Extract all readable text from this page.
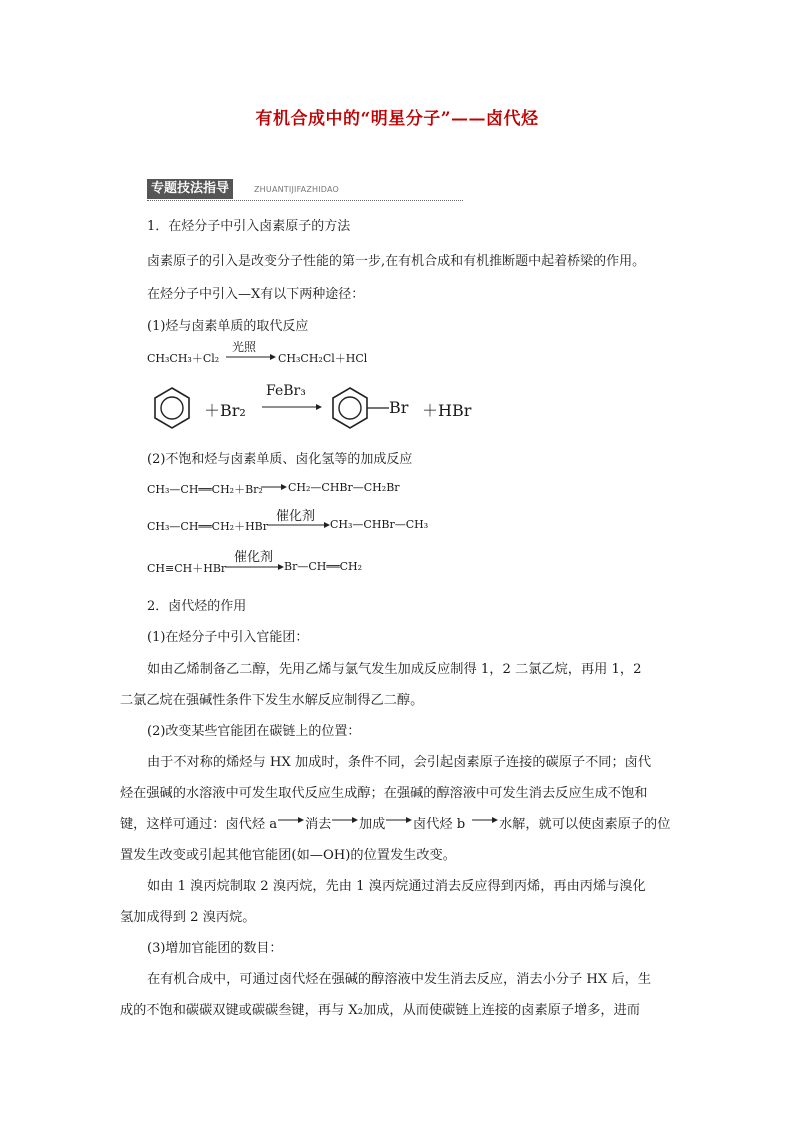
有机合成中的“明星分子”——卤代烃
专题技法指导	ZHUANTIJIFAZHIDAO
1．在烃分子中引入卤素原子的方法
卤素原子的引入是改变分子性能的第一步,在有机合成和有机推断题中起着桥梁的作用。
在烃分子中引入—X有以下两种途径：
(1)烃与卤素单质的取代反应
CH₃CH₃＋Cl₂
光照
CH₃CH₂Cl＋HCl
＋Br₂
FeBr₃
Br ＋HBr
(2)不饱和烃与卤素单质、卤化氢等的加成反应
CH₃—CH══CH₂＋Br₂ CH₂—CHBr—CH₂Br
CH₃—CH══CH₂＋HBr
催化剂
CH₃—CHBr—CH₃
CH≡CH＋HBr
催化剂
Br—CH══CH₂
2．卤代烃的作用
(1)在烃分子中引入官能团：
如由乙烯制备乙二醇，先用乙烯与氯气发生加成反应制得 1，2 二氯乙烷，再用 1，2
二氯乙烷在强碱性条件下发生水解反应制得乙二醇。
(2)改变某些官能团在碳链上的位置：
由于不对称的烯烃与 HX 加成时，条件不同，会引起卤素原子连接的碳原子不同；卤代
烃在强碱的水溶液中可发生取代反应生成醇；在强碱的醇溶液中可发生消去反应生成不饱和
键，这样可通过：卤代烃 a 消去 加成 卤代烃 b	水解，就可以使卤素原子的位
置发生改变或引起其他官能团(如—OH)的位置发生改变。
如由 1 溴丙烷制取 2 溴丙烷，先由 1 溴丙烷通过消去反应得到丙烯，再由丙烯与溴化
氢加成得到 2 溴丙烷。
(3)增加官能团的数目：
在有机合成中，可通过卤代烃在强碱的醇溶液中发生消去反应，消去小分子 HX 后，生
成的不饱和碳碳双键或碳碳叁键，再与 X₂加成，从而使碳链上连接的卤素原子增多，进而
